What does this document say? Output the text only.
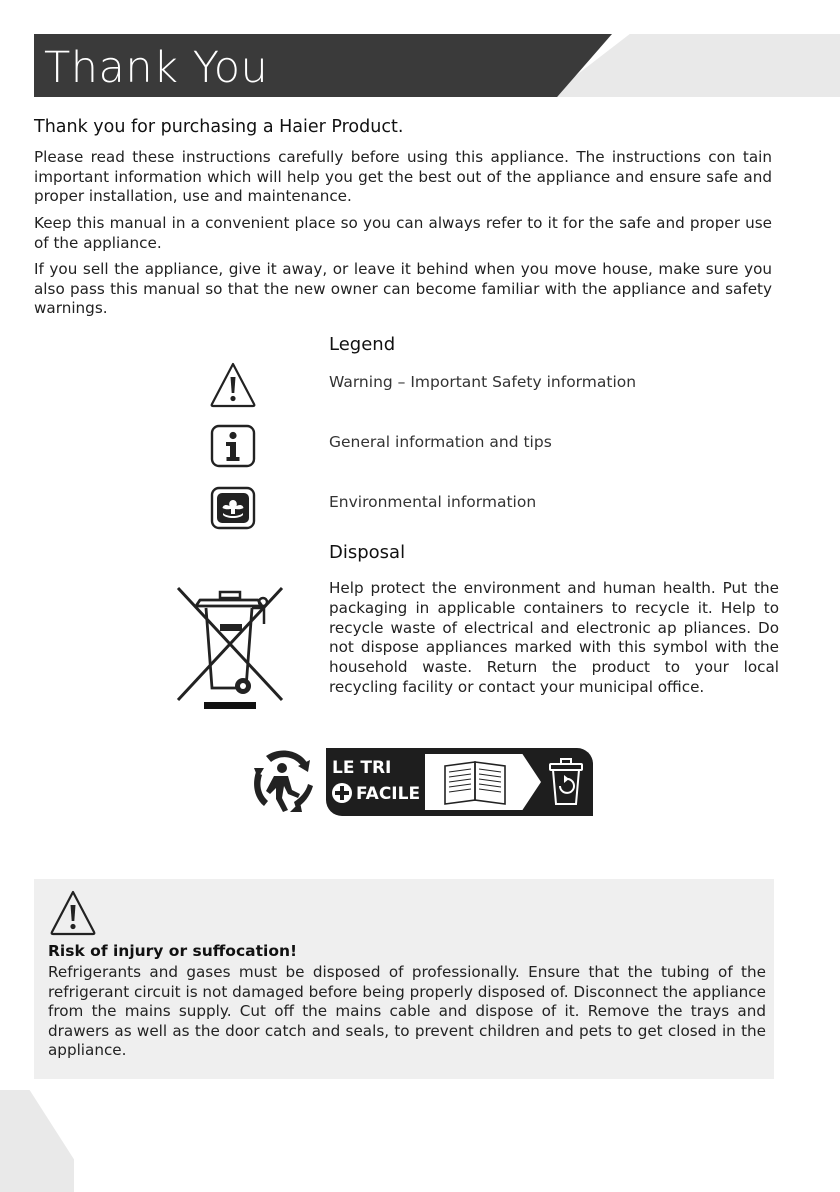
Thank You
Thank you for purchasing a Haier Product.
Please read these instructions carefully before using this appliance. The instructions con tain important information which will help you get the best out of the appliance and ensure safe and proper installation, use and maintenance.
Keep this manual in a convenient place so you can always refer to it for the safe and proper use of the appliance.
If you sell the appliance, give it away, or leave it behind when you move house, make sure you also pass this manual so that the new owner can become familiar with the appliance and safety warnings.
Legend
Warning – Important Safety information
General information and tips
Environmental information
Disposal
Help protect the environment and human health. Put the packaging in applicable containers to recycle it. Help to recycle waste of electrical and electronic ap pliances. Do not dispose appliances marked with this symbol with the household waste. Return the product to your local recycling facility or contact your municipal office.
LE TRI
FACILE
Risk of injury or suffocation!
Refrigerants and gases must be disposed of professionally. Ensure that the tubing of the refrigerant circuit is not damaged before being properly disposed of. Disconnect the appliance from the mains supply. Cut off the mains cable and dispose of it. Remove the trays and drawers as well as the door catch and seals, to prevent children and pets to get closed in the appliance.
